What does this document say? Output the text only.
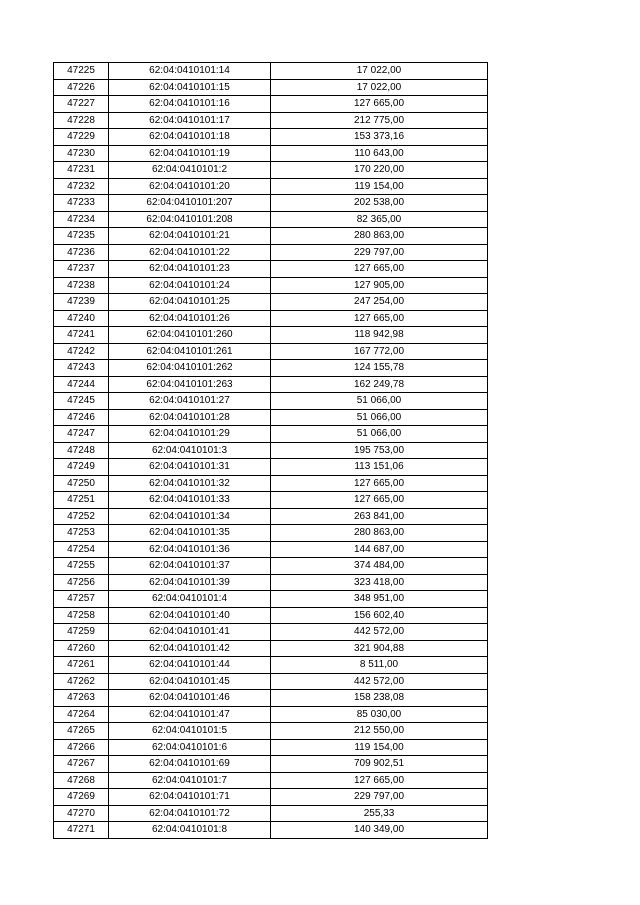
47225	62:04:0410101:14	17 022,00
47226	62:04:0410101:15	17 022,00
47227	62:04:0410101:16	127 665,00
47228	62:04:0410101:17	212 775,00
47229	62:04:0410101:18	153 373,16
47230	62:04:0410101:19	110 643,00
47231	62:04:0410101:2	170 220,00
47232	62:04:0410101:20	119 154,00
47233	62:04:0410101:207	202 538,00
47234	62:04:0410101:208	82 365,00
47235	62:04:0410101:21	280 863,00
47236	62:04:0410101:22	229 797,00
47237	62:04:0410101:23	127 665,00
47238	62:04:0410101:24	127 905,00
47239	62:04:0410101:25	247 254,00
47240	62:04:0410101:26	127 665,00
47241	62:04:0410101:260	118 942,98
47242	62:04:0410101:261	167 772,00
47243	62:04:0410101:262	124 155,78
47244	62:04:0410101:263	162 249,78
47245	62:04:0410101:27	51 066,00
47246	62:04:0410101:28	51 066,00
47247	62:04:0410101:29	51 066,00
47248	62:04:0410101:3	195 753,00
47249	62:04:0410101:31	113 151,06
47250	62:04:0410101:32	127 665,00
47251	62:04:0410101:33	127 665,00
47252	62:04:0410101:34	263 841,00
47253	62:04:0410101:35	280 863,00
47254	62:04:0410101:36	144 687,00
47255	62:04:0410101:37	374 484,00
47256	62:04:0410101:39	323 418,00
47257	62:04:0410101:4	348 951,00
47258	62:04:0410101:40	156 602,40
47259	62:04:0410101:41	442 572,00
47260	62:04:0410101:42	321 904,88
47261	62:04:0410101:44	8 511,00
47262	62:04:0410101:45	442 572,00
47263	62:04:0410101:46	158 238,08
47264	62:04:0410101:47	85 030,00
47265	62:04:0410101:5	212 550,00
47266	62:04:0410101:6	119 154,00
47267	62:04:0410101:69	709 902,51
47268	62:04:0410101:7	127 665,00
47269	62:04:0410101:71	229 797,00
47270	62:04:0410101:72	255,33
47271	62:04:0410101:8	140 349,00
